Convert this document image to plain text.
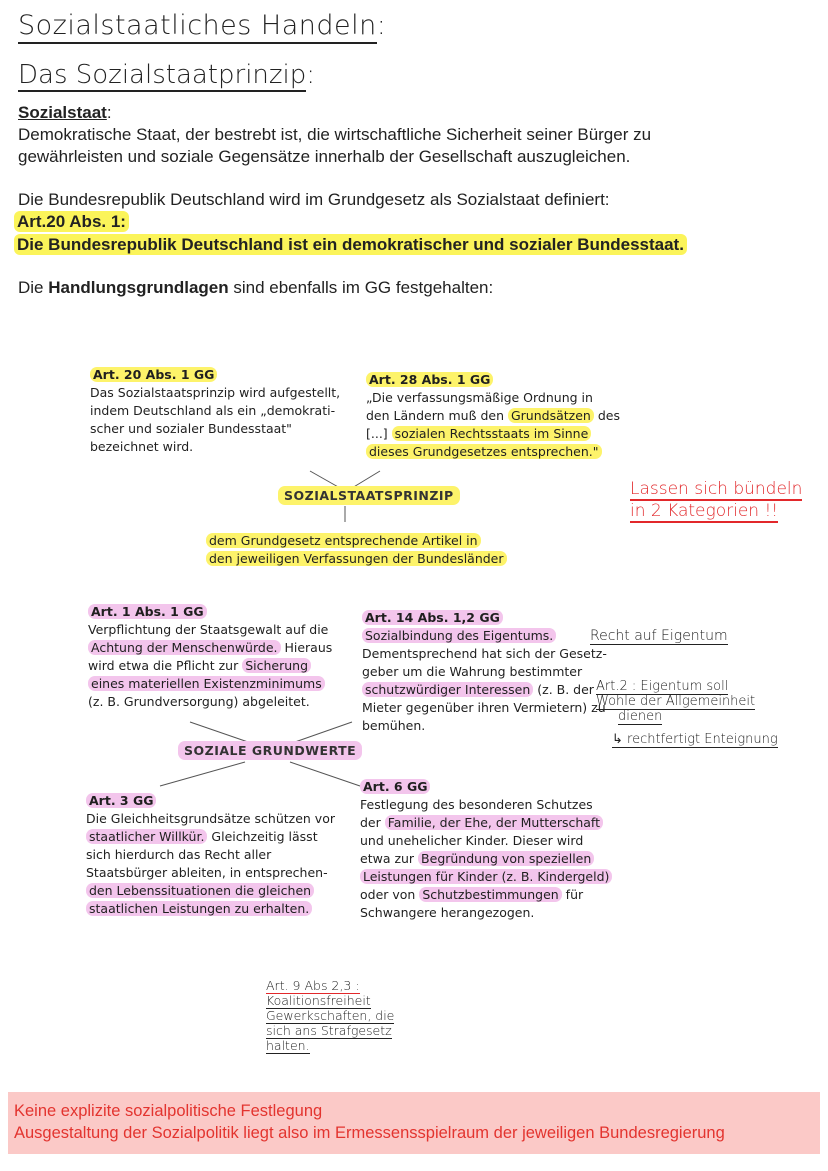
Sozialstaatliches Handeln:
Das Sozialstaatprinzip:
Sozialstaat:
Demokratische Staat, der bestrebt ist, die wirtschaftliche Sicherheit seiner Bürger zu
gewährleisten und soziale Gegensätze innerhalb der Gesellschaft auszugleichen.
Die Bundesrepublik Deutschland wird im Grundgesetz als Sozialstaat definiert:
Art.20 Abs. 1:
Die Bundesrepublik Deutschland ist ein demokratischer und sozialer Bundesstaat.
Die Handlungsgrundlagen sind ebenfalls im GG festgehalten:
Art. 20 Abs. 1 GG
Das Sozialstaatsprinzip wird aufgestellt,
indem Deutschland als ein „demokrati-
scher und sozialer Bundesstaat"
bezeichnet wird.
Art. 28 Abs. 1 GG
„Die verfassungsmäßige Ordnung in
den Ländern muß den Grundsätzen des
[...] sozialen Rechtsstaats im Sinne
dieses Grundgesetzes entsprechen."
SOZIALSTAATSPRINZIP
dem Grundgesetz entsprechende Artikel in
den jeweiligen Verfassungen der Bundesländer
Lassen sich bündeln
in 2 Kategorien !!
Art. 1 Abs. 1 GG
Verpflichtung der Staatsgewalt auf die
Achtung der Menschenwürde. Hieraus
wird etwa die Pflicht zur Sicherung
eines materiellen Existenzminimums
(z. B. Grundversorgung) abgeleitet.
Art. 14 Abs. 1,2 GG
Sozialbindung des Eigentums.
Dementsprechend hat sich der Gesetz-
geber um die Wahrung bestimmter
schutzwürdiger Interessen (z. B. der
Mieter gegenüber ihren Vermietern) zu
bemühen.
Recht auf Eigentum
Art.2 : Eigentum soll
Wohle der Allgemeinheit
dienen
↳ rechtfertigt Enteignung
SOZIALE GRUNDWERTE
Art. 3 GG
Die Gleichheitsgrundsätze schützen vor
staatlicher Willkür. Gleichzeitig lässt
sich hierdurch das Recht aller
Staatsbürger ableiten, in entsprechen-
den Lebenssituationen die gleichen
staatlichen Leistungen zu erhalten.
Art. 6 GG
Festlegung des besonderen Schutzes
der Familie, der Ehe, der Mutterschaft
und unehelicher Kinder. Dieser wird
etwa zur Begründung von speziellen
Leistungen für Kinder (z. B. Kindergeld)
oder von Schutzbestimmungen für
Schwangere herangezogen.
Art. 9 Abs 2,3 :
Koalitionsfreiheit
Gewerkschaften, die
sich ans Strafgesetz
halten.
Keine explizite sozialpolitische Festlegung
Ausgestaltung der Sozialpolitik liegt also im Ermessensspielraum der jeweiligen Bundesregierung
